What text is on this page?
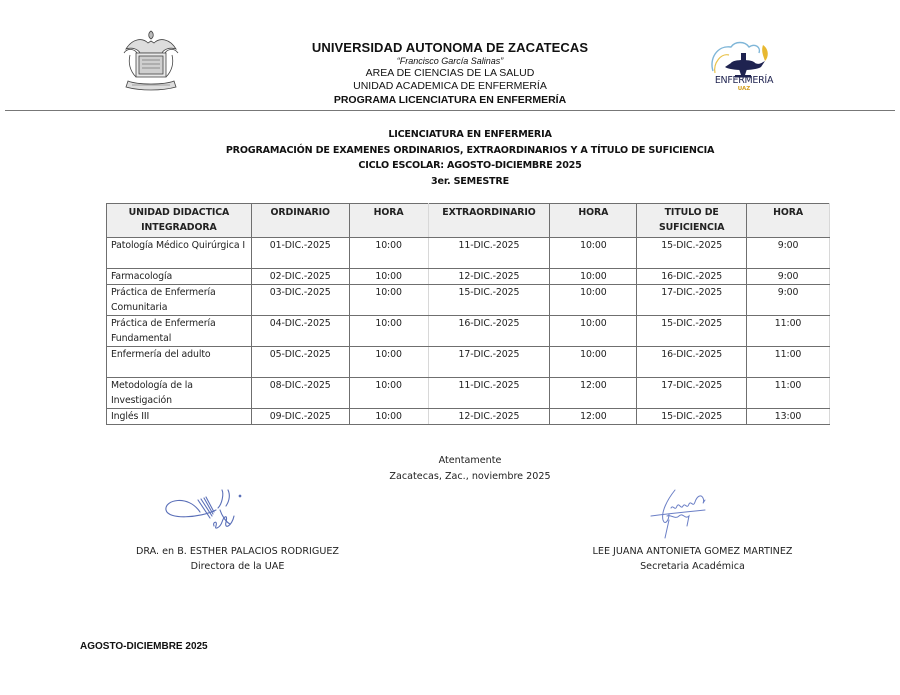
UNIVERSIDAD AUTONOMA DE ZACATECAS
“Francisco García Salinas”
AREA DE CIENCIAS DE LA SALUD
UNIDAD ACADEMICA DE ENFERMERÍA
PROGRAMA LICENCIATURA EN ENFERMERÍA
ENFERMERÍA
UAZ
LICENCIATURA EN ENFERMERIA
PROGRAMACIÓN DE EXAMENES ORDINARIOS, EXTRAORDINARIOS Y A TÍTULO DE SUFICIENCIA
CICLO ESCOLAR: AGOSTO-DICIEMBRE 2025
3er. SEMESTRE
UNIDAD DIDACTICA INTEGRADORA	ORDINARIO	HORA	EXTRAORDINARIO	HORA	TITULO DE SUFICIENCIA	HORA
Patología Médico Quirúrgica I	01-DIC.-2025	10:00	11-DIC.-2025	10:00	15-DIC.-2025	9:00
Farmacología	02-DIC.-2025	10:00	12-DIC.-2025	10:00	16-DIC.-2025	9:00
Práctica de Enfermería Comunitaria	03-DIC.-2025	10:00	15-DIC.-2025	10:00	17-DIC.-2025	9:00
Práctica de Enfermería Fundamental	04-DIC.-2025	10:00	16-DIC.-2025	10:00	15-DIC.-2025	11:00
Enfermería del adulto	05-DIC.-2025	10:00	17-DIC.-2025	10:00	16-DIC.-2025	11:00
Metodología de la Investigación	08-DIC.-2025	10:00	11-DIC.-2025	12:00	17-DIC.-2025	11:00
Inglés III	09-DIC.-2025	10:00	12-DIC.-2025	12:00	15-DIC.-2025	13:00
Atentamente
Zacatecas, Zac., noviembre 2025
DRA. en B. ESTHER PALACIOS RODRIGUEZ
Directora de la UAE
LEE JUANA ANTONIETA GOMEZ MARTINEZ
Secretaria Académica
AGOSTO-DICIEMBRE 2025
